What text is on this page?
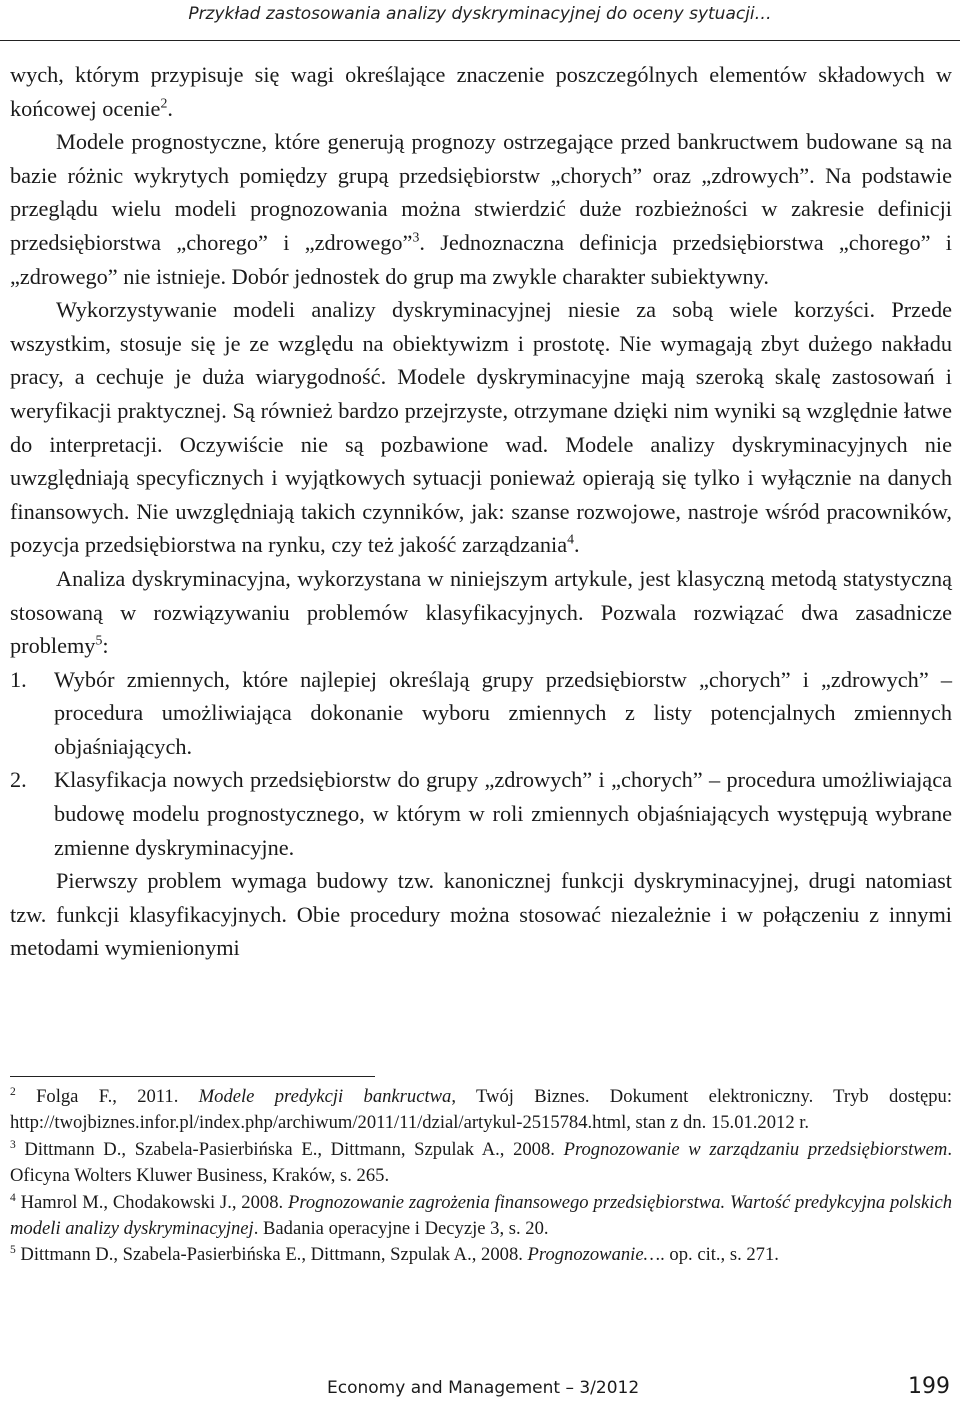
Przykład zastosowania analizy dyskryminacyjnej do oceny sytuacji…

wych, którym przypisuje się wagi określające znaczenie poszczególnych elementów składowych w końcowej ocenie$^2$.

Modele prognostyczne, które generują prognozy ostrzegające przed bankructwem budowane są na bazie różnic wykrytych pomiędzy grupą przedsiębiorstw „chorych” oraz „zdrowych”. Na podstawie przeglądu wielu modeli prognozowania można stwierdzić duże rozbieżności w zakresie definicji przedsiębiorstwa „chorego” i „zdrowego”$^3$. Jednoznaczna definicja przedsiębiorstwa „chorego” i „zdrowego” nie istnieje. Dobór jednostek do grup ma zwykle charakter subiektywny.

Wykorzystywanie modeli analizy dyskryminacyjnej niesie za sobą wiele korzyści. Przede wszystkim, stosuje się je ze względu na obiektywizm i prostotę. Nie wymagają zbyt dużego nakładu pracy, a cechuje je duża wiarygodność. Modele dyskryminacyjne mają szeroką skalę zastosowań i weryfikacji praktycznej. Są również bardzo przejrzyste, otrzymane dzięki nim wyniki są względnie łatwe do interpretacji. Oczywiście nie są pozbawione wad. Modele analizy dyskryminacyjnych nie uwzględniają specyficznych i wyjątkowych sytuacji ponieważ opierają się tylko i wyłącznie na danych finansowych. Nie uwzględniają takich czynników, jak: szanse rozwojowe, nastroje wśród pracowników, pozycja przedsiębiorstwa na rynku, czy też jakość zarządzania$^4$.

Analiza dyskryminacyjna, wykorzystana w niniejszym artykule, jest klasyczną metodą statystyczną stosowaną w rozwiązywaniu problemów klasyfikacyjnych. Pozwala rozwiązać dwa zasadnicze problemy$^5$:

1. Wybór zmiennych, które najlepiej określają grupy przedsiębiorstw „chorych” i „zdrowych” – procedura umożliwiająca dokonanie wyboru zmiennych z listy potencjalnych zmiennych objaśniających.
2. Klasyfikacja nowych przedsiębiorstw do grupy „zdrowych” i „chorych” – procedura umożliwiająca budowę modelu prognostycznego, w którym w roli zmiennych objaśniających występują wybrane zmienne dyskryminacyjne.

Pierwszy problem wymaga budowy tzw. kanonicznej funkcji dyskryminacyjnej, drugi natomiast tzw. funkcji klasyfikacyjnych. Obie procedury można stosować niezależnie i w połączeniu z innymi metodami wymienionymi

$^2$ Folga F., 2011. Modele predykcji bankructwa, Twój Biznes. Dokument elektroniczny. Tryb dostępu: http://twojbiznes.infor.pl/index.php/archiwum/2011/11/dzial/artykul-2515784.html, stan z dn. 15.01.2012 r.

$^3$ Dittmann D., Szabela-Pasierbińska E., Dittmann, Szpulak A., 2008. Prognozowanie w zarządzaniu przedsiębiorstwem. Oficyna Wolters Kluwer Business, Kraków, s. 265.

$^4$ Hamrol M., Chodakowski J., 2008. Prognozowanie zagrożenia finansowego przedsiębiorstwa. Wartość predykcyjna polskich modeli analizy dyskryminacyjnej. Badania operacyjne i Decyzje 3, s. 20.

$^5$ Dittmann D., Szabela-Pasierbińska E., Dittmann, Szpulak A., 2008. Prognozowanie…. op. cit., s. 271.

Economy and Management – 3/2012	199
